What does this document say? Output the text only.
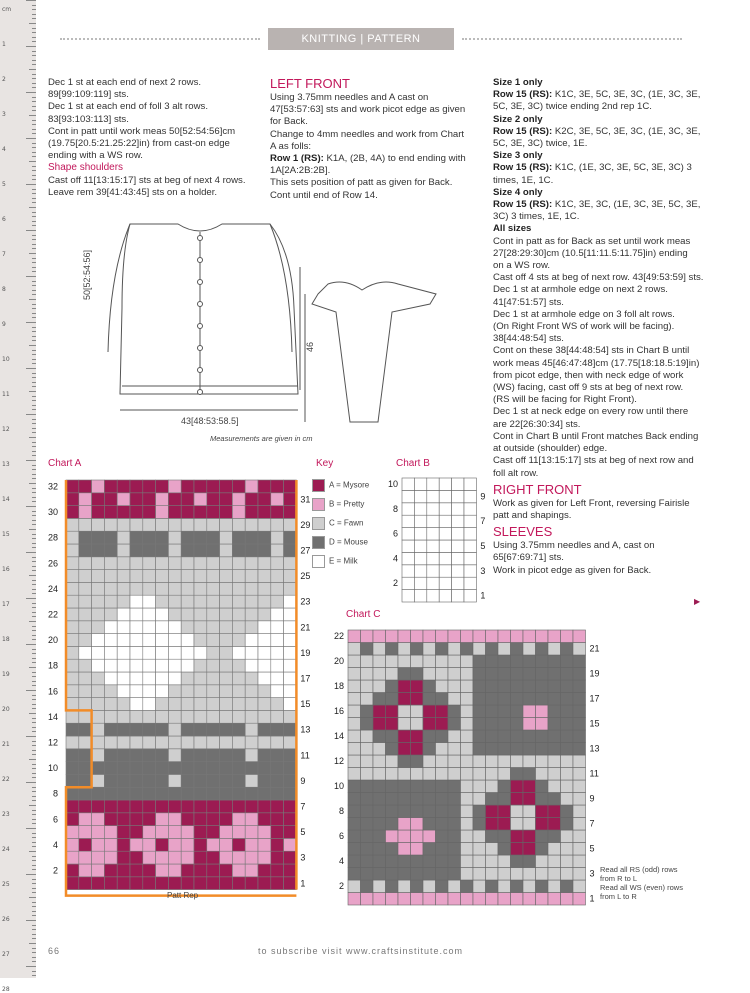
cm
1
2
3
4
5
6
7
8
9
10
11
12
13
14
15
16
17
18
19
20
21
22
23
24
25
26
27
28
KNITTING | PATTERN INSTRUCTIONS
Dec 1 st at each end of next 2 rows.
89[99:109:119] sts.
Dec 1 st at each end of foll 3 alt rows.
83[93:103:113] sts.
Cont in patt until work meas 50[52:54:56]cm
(19.75[20.5:21.25:22]in) from cast-on edge
ending with a WS row.
Shape shoulders
Cast off 11[13:15:17] sts at beg of next 4 rows.
Leave rem 39[41:43:45] sts on a holder.
LEFT FRONT
Using 3.75mm needles and A cast on
47[53:57:63] sts and work picot edge as given
for Back.
Change to 4mm needles and work from Chart
A as folls:
Row 1 (RS): K1A, (2B, 4A) to end ending with
1A[2A:2B:2B].
This sets position of patt as given for Back.
Cont until end of Row 14.
Size 1 only
Row 15 (RS): K1C, 3E, 5C, 3E, 3C, (1E, 3C, 3E,
5C, 3E, 3C) twice ending 2nd rep 1C.
Size 2 only
Row 15 (RS): K2C, 3E, 5C, 3E, 3C, (1E, 3C, 3E,
5C, 3E, 3C) twice, 1E.
Size 3 only
Row 15 (RS): K1C, (1E, 3C, 3E, 5C, 3E, 3C) 3
times, 1E, 1C.
Size 4 only
Row 15 (RS): K1C, 3E, 3C, (1E, 3C, 3E, 5C, 3E,
3C) 3 times, 1E, 1C.
All sizes
Cont in patt as for Back as set until work meas
27[28:29:30]cm (10.5[11:11.5:11.75]in) ending
on a WS row.
Cast off 4 sts at beg of next row. 43[49:53:59] sts.
Dec 1 st at armhole edge on next 2 rows.
41[47:51:57] sts.
Dec 1 st at armhole edge on 3 foll alt rows.
(On Right Front WS of work will be facing).
38[44:48:54] sts.
Cont on these 38[44:48:54] sts in Chart B until
work meas 45[46:47:48]cm (17.75[18:18.5:19]in)
from picot edge, then with neck edge of work
(WS) facing, cast off 9 sts at beg of next row.
(RS will be facing for Right Front).
Dec 1 st at neck edge on every row until there
are 22[26:30:34] sts.
Cont in Chart B until Front matches Back ending
at outside (shoulder) edge.
Cast off 11[13:15:17] sts at beg of next row and
foll alt row.
RIGHT FRONT
Work as given for Left Front, reversing Fairisle
patt and shapings.
SLEEVES
Using 3.75mm needles and A, cast on
65[67:69:71] sts.
Work in picot edge as given for Back.
▶
50[52:54:56]
43[48:53:58.5]
46
Measurements are given in cm
Chart A
1
2
3
4
5
6
7
8
9
10
11
12
13
14
15
16
17
18
19
20
21
22
23
24
25
26
27
28
29
30
31
32
Patt Rep
Key
A = Mysore
B = Pretty
C = Fawn
D = Mouse
E = Milk
Chart B
1
2
3
4
5
6
7
8
9
10
Chart C
1
2
3
4
5
6
7
8
9
10
11
12
13
14
15
16
17
18
19
20
21
22
Read all RS (odd) rows
from R to L
Read all WS (even) rows
from L to R
66	to subscribe visit www.craftsinstitute.com
